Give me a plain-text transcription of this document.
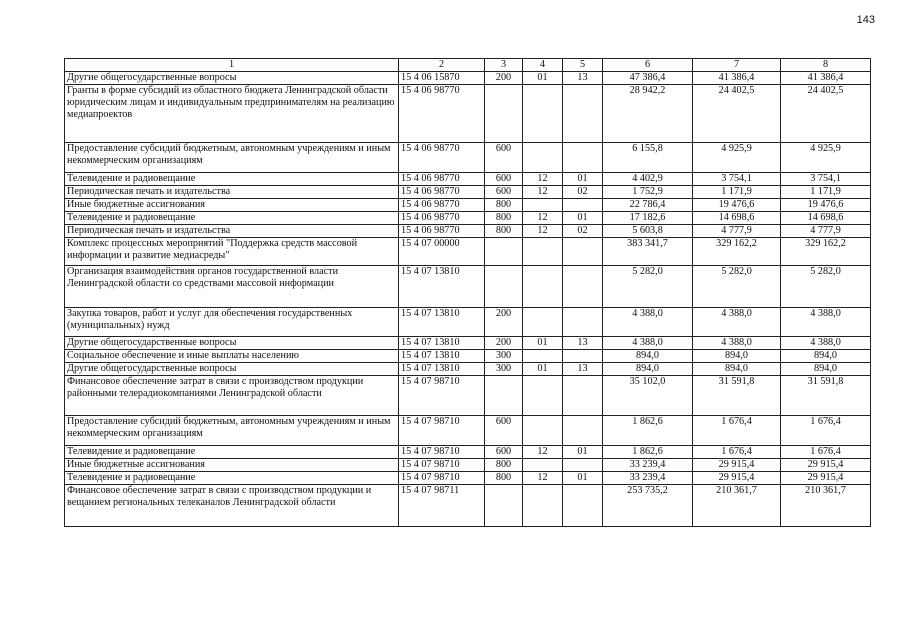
143
1	2	3	4	5	6	7	8
Другие общегосударственные вопросы	15 4 06 15870	200	01	13	47 386,4	41 386,4	41 386,4
Гранты в форме субсидий из областного бюджета Ленинградской области юридическим лицам и индивидуальным предпринимателям на реализацию медиапроектов	15 4 06 98770				28 942,2	24 402,5	24 402,5
Предоставление субсидий бюджетным, автономным учреждениям и иным некоммерческим организациям	15 4 06 98770	600			6 155,8	4 925,9	4 925,9
Телевидение и радиовещание	15 4 06 98770	600	12	01	4 402,9	3 754,1	3 754,1
Периодическая печать и издательства	15 4 06 98770	600	12	02	1 752,9	1 171,9	1 171,9
Иные бюджетные ассигнования	15 4 06 98770	800			22 786,4	19 476,6	19 476,6
Телевидение и радиовещание	15 4 06 98770	800	12	01	17 182,6	14 698,6	14 698,6
Периодическая печать и издательства	15 4 06 98770	800	12	02	5 603,8	4 777,9	4 777,9
Комплекс процессных мероприятий "Поддержка средств массовой информации и развитие медиасреды"	15 4 07 00000				383 341,7	329 162,2	329 162,2
Организация взаимодействия органов государственной власти Ленинградской области со средствами массовой информации	15 4 07 13810				5 282,0	5 282,0	5 282,0
Закупка товаров, работ и услуг для обеспечения государственных (муниципальных) нужд	15 4 07 13810	200			4 388,0	4 388,0	4 388,0
Другие общегосударственные вопросы	15 4 07 13810	200	01	13	4 388,0	4 388,0	4 388,0
Социальное обеспечение и иные выплаты населению	15 4 07 13810	300			894,0	894,0	894,0
Другие общегосударственные вопросы	15 4 07 13810	300	01	13	894,0	894,0	894,0
Финансовое обеспечение затрат в связи с производством продукции районными телерадиокомпаниями Ленинградской области	15 4 07 98710				35 102,0	31 591,8	31 591,8
Предоставление субсидий бюджетным, автономным учреждениям и иным некоммерческим организациям	15 4 07 98710	600			1 862,6	1 676,4	1 676,4
Телевидение и радиовещание	15 4 07 98710	600	12	01	1 862,6	1 676,4	1 676,4
Иные бюджетные ассигнования	15 4 07 98710	800			33 239,4	29 915,4	29 915,4
Телевидение и радиовещание	15 4 07 98710	800	12	01	33 239,4	29 915,4	29 915,4
Финансовое обеспечение затрат в связи с производством продукции и вещанием региональных телеканалов Ленинградской области	15 4 07 98711				253 735,2	210 361,7	210 361,7
